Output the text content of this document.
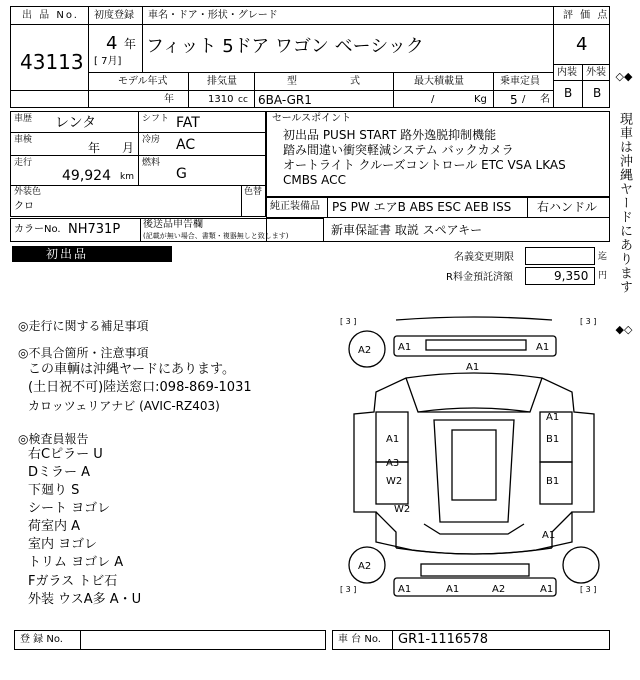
出 品 No.
43113
初度登録
4 年
[ 7月]
車名・ドア・形状・グレード
フィット 5ドア ワゴン ベーシック
評 価 点
4
内装 外装
B B
モデル年式
年
排気量
1310 cc
型	式
6BA-GR1
最大積載量
/	Kg
乗車定員
5 / 名
車歴 レンタ
車検
年 月
走行
49,924 km
シフト FAT
冷房 AC
燃料
G
外装色
クロ
色替
カラーNo. NH731P 後送品申告欄
(記載が無い場合、書類・複器無しと致します)
セールスポイント
初出品 PUSH START 路外逸脱抑制機能
踏み間違い衝突軽減システム バックカメラ
オートライト クルーズコントロール ETC VSA LKAS
CMBS ACC
純正装備品 PS PW エアB ABS ESC AEB ISS 右ハンドル
新車保証書 取説 スペアキー
初出品	名義変更期限	迄
R料金預託済額	9,350 円
◎走行に関する補足事項
◎不具合箇所・注意事項
この車輌は沖縄ヤードにあります。
(土日祝不可)陸送窓口:098-869-1031
カロッツェリアナビ (AVIC-RZ403)
◎検査員報告
右Cピラー U
Dミラー A
下廻り S
シート ヨゴレ
荷室内 A
室内 ヨゴレ
トリム ヨゴレ A
Fガラス トビ石
外装 ウスA多 A・U
[ 3 ]	[ 3 ]
[ 3 ]	[ 3 ]
A2	A1	A1
A1
A1
A1	B1
A3
W2	B1
W2
A1
A2
A1	A1	A2	A1
◇◆
現車は沖縄ヤードにあります
◆◇
登 録 No.	車 台 No. GR1-1116578
